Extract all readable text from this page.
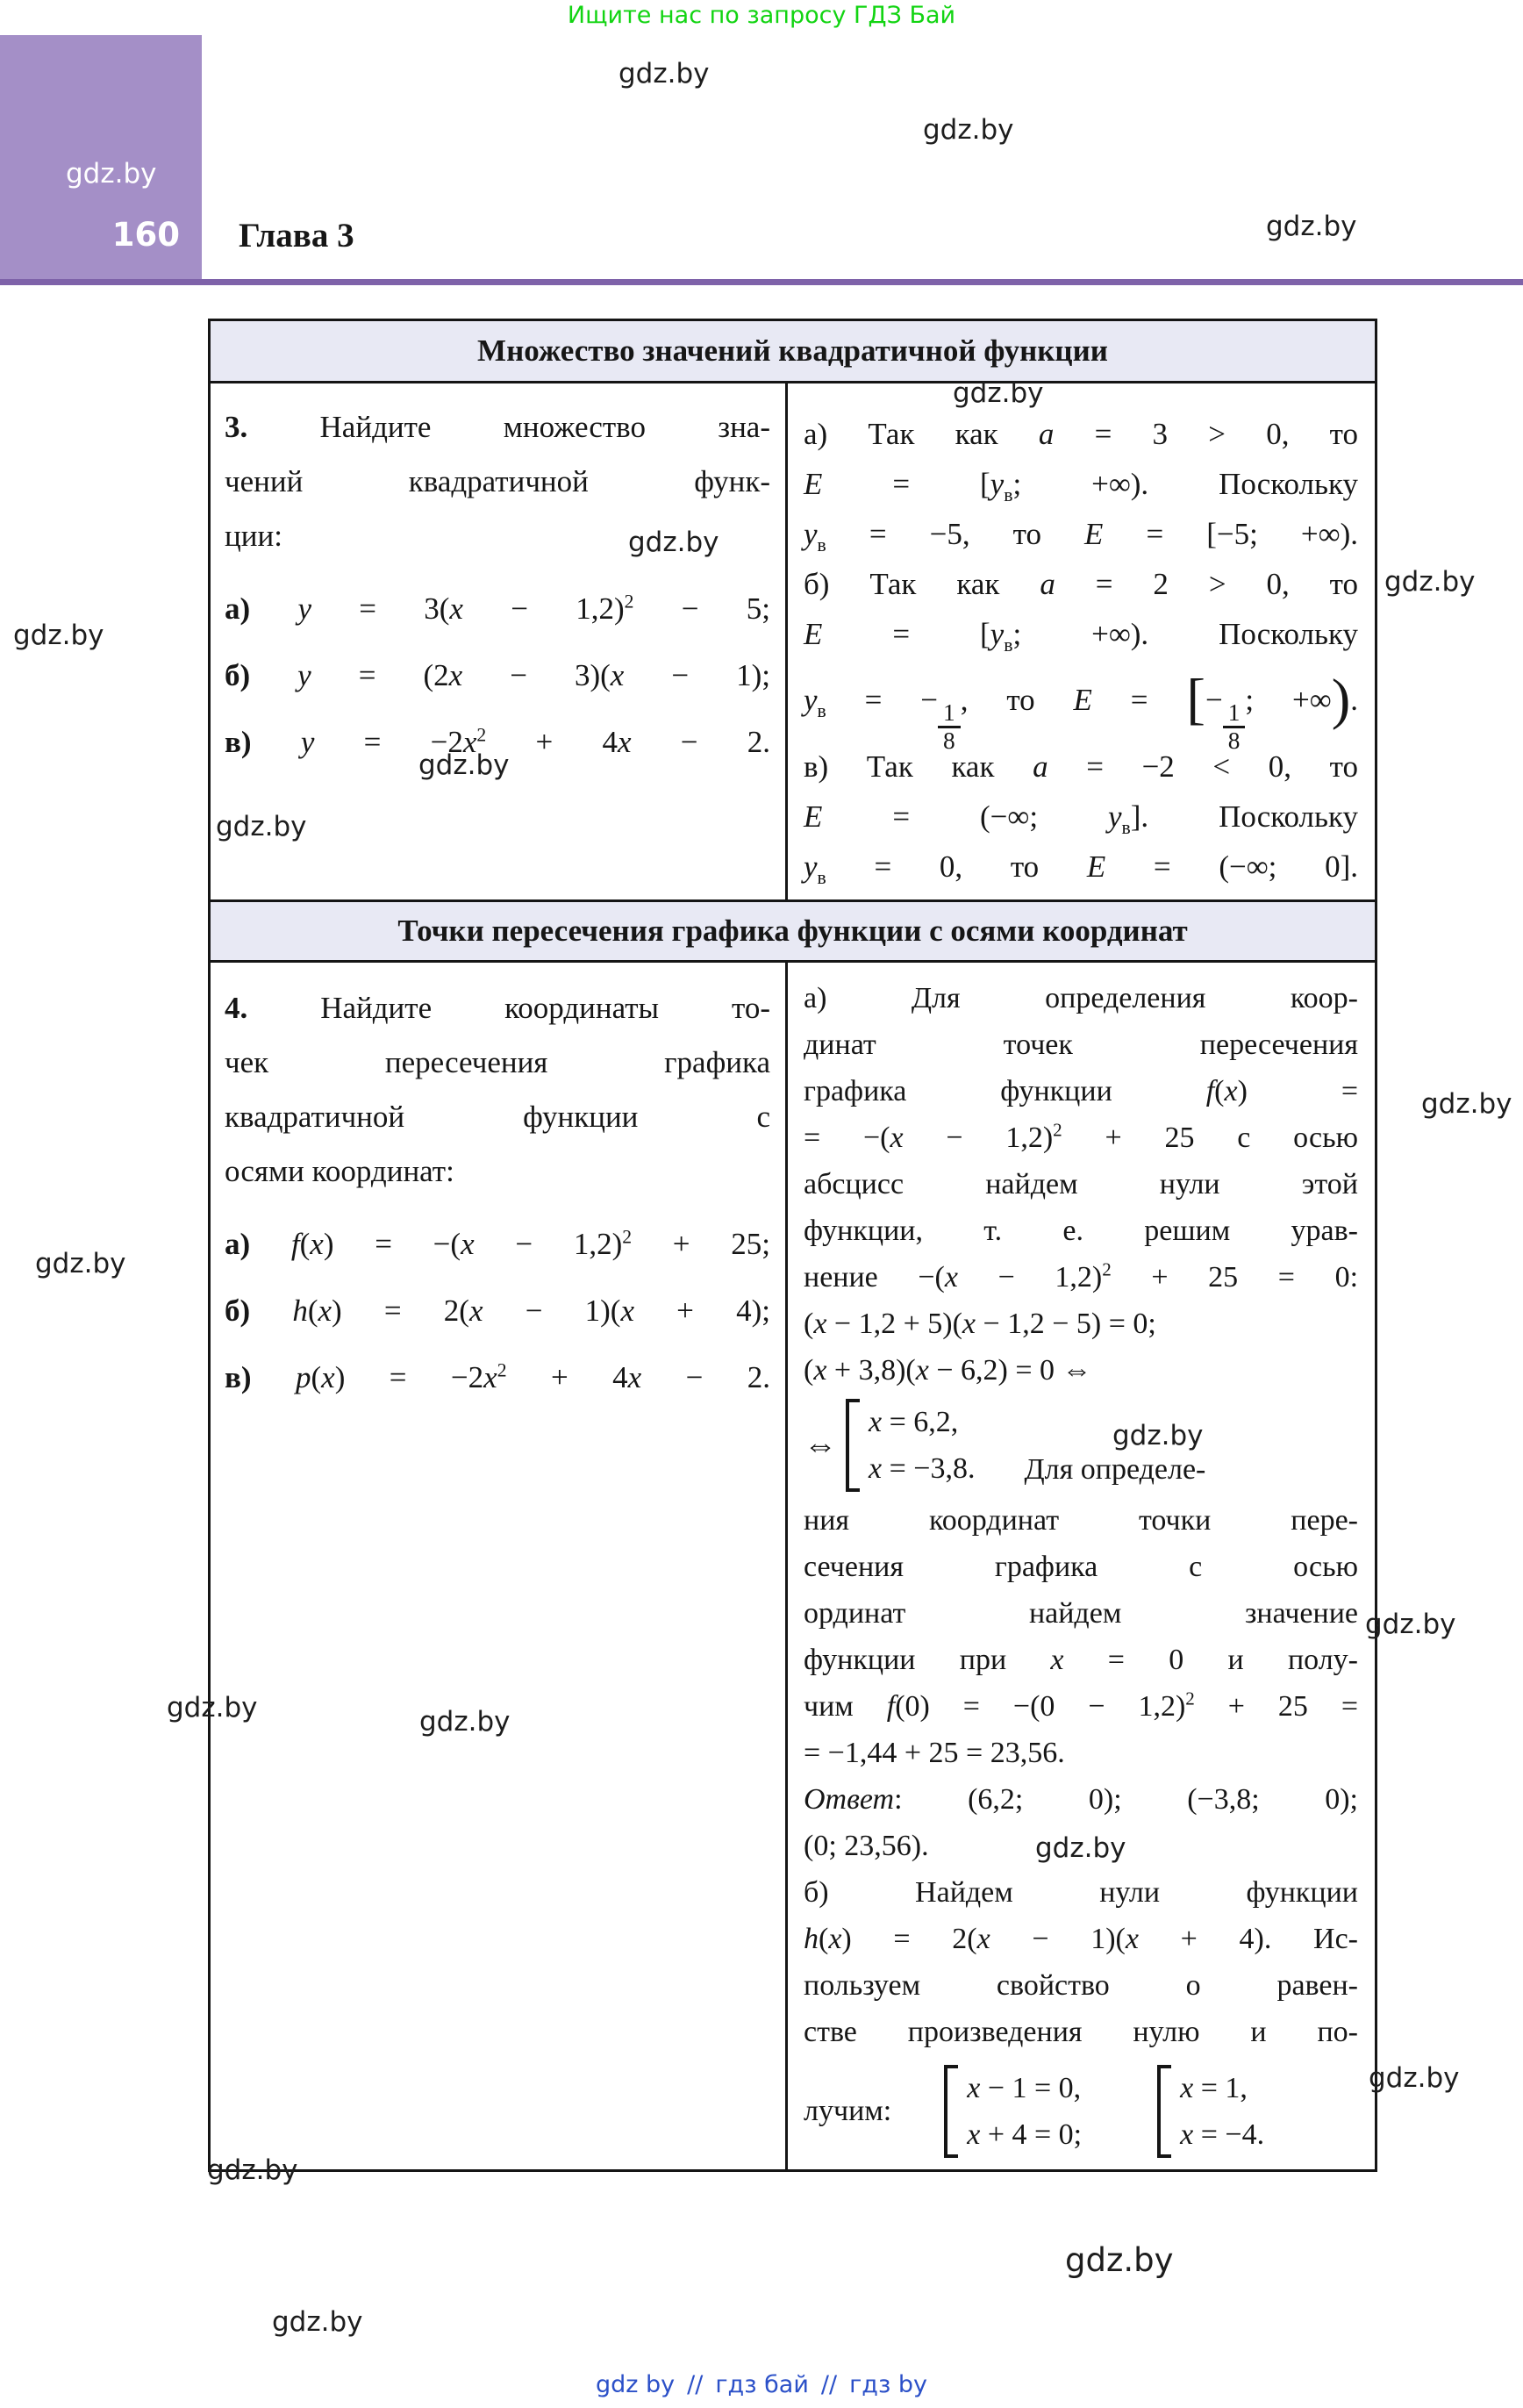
Ищите нас по запросу ГДЗ Бай
160 Глава 3
gdz.by
gdz.by
gdz.by
gdz.by
gdz.by
gdz.by
gdz.by
gdz.by
gdz.by
gdz.by
gdz.by
gdz.by
gdz.by
gdz.by
gdz.by	gdz.by
gdz.by
gdz.by
gdz.by
gdz.by
gdz.by
Множество значений квадратичной функции
3. Найдите множество зна-
чений квадратичной функ-
ции:
а) $y = 3(x - 1,2)^2 - 5$;
б) y = (2x − 3)(x − 1);
в) $y = -2x^2 + 4x - 2$.
а) Так как a = 3 > 0, то
$E = [y_в$; +∞). Поскольку
$y_в = -5$, то E = [−5; +∞).
б) Так как a = 2 > 0, то
$E = [y_в$; +∞). Поскольку
$y_в$ = −
$\frac{1}{8}$
, то E = [−
$\frac{1}{8}$
; +∞).
в) Так как a = −2 < 0, то
E = (−∞; $y_в$]. Поскольку
$y_в = 0$, то E = (−∞; 0].
Точки пересечения графика функции с осями координат
4. Найдите координаты то-
чек пересечения графика
квадратичной функции с
осями координат:
а) $f(x) = -(x - 1,2)^2 + 25$;
б) h(x) = 2(x − 1)(x + 4);
в) $p(x) = -2x^2 + 4x - 2$.
а) Для определения коор-
динат точек пересечения
графика функции f(x) =
= $-(x - 1,2)^2 + 25$ с осью
абсцисс найдем нули этой
функции, т. е. решим урав-
нение $-(x - 1,2)^2 + 25 = 0$:
(x − 1,2 + 5)(x − 1,2 − 5) = 0;
(x + 3,8)(x − 6,2) = 0 ⇔
⇔
x = 6,2,
x = −3,8. Для определе-
ния координат точки пере-
сечения графика с осью
ординат найдем значение
функции при x = 0 и полу-
чим $f(0) = -(0 - 1,2)^2 + 25$ =
= −1,44 + 25 = 23,56.
Ответ: (6,2; 0); (−3,8; 0);
(0; 23,56).
б) Найдем нули функции
h(x) = 2(x − 1)(x + 4). Ис-
пользуем свойство о равен-
стве произведения нулю и по-
лучим:
x − 1 = 0,
x + 4 = 0;
x = 1,
x = −4.
gdz by // гдз бай // гдз by
